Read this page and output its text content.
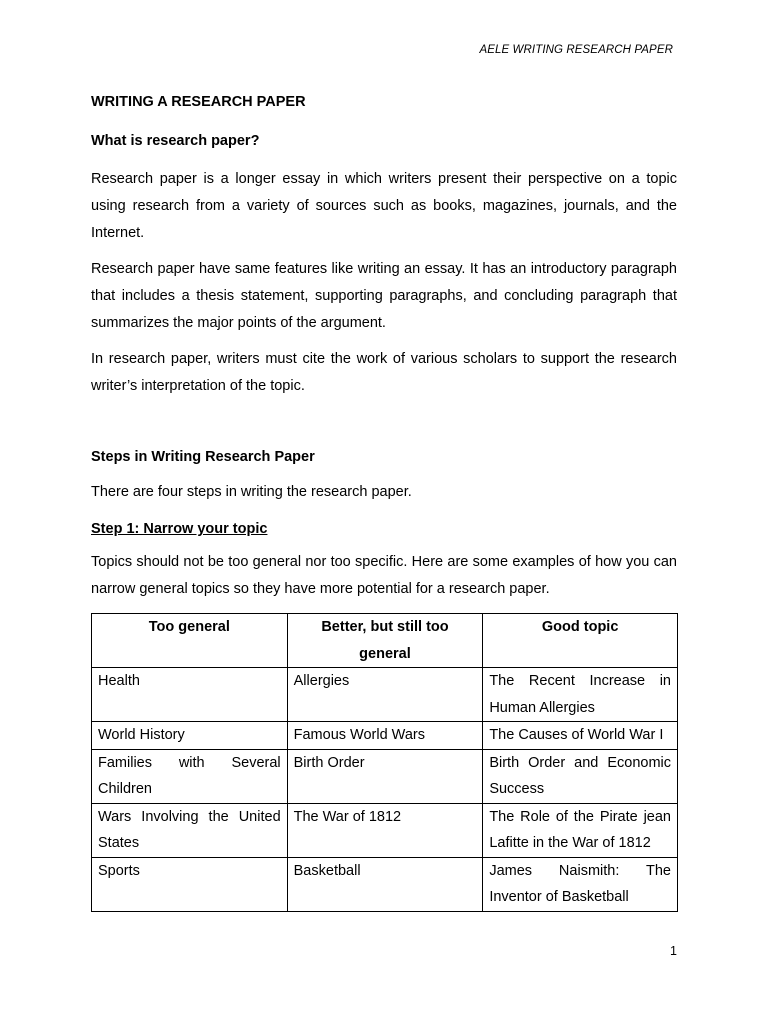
AELE WRITING RESEARCH PAPER
WRITING A RESEARCH PAPER
What is research paper?

Research paper is a longer essay in which writers present their perspective on a topic using research from a variety of sources such as books, magazines, journals, and the Internet.

Research paper have same features like writing an essay. It has an introductory paragraph that includes a thesis statement, supporting paragraphs, and concluding paragraph that summarizes the major points of the argument.

In research paper, writers must cite the work of various scholars to support the research writer’s interpretation of the topic.

Steps in Writing Research Paper
There are four steps in writing the research paper.
Step 1: Narrow your topic

Topics should not be too general nor too specific. Here are some examples of how you can narrow general topics so they have more potential for a research paper.

Too general	Better, but still too general	Good topic
Health	Allergies	The Recent Increase in Human Allergies
World History	Famous World Wars	The Causes of World War I
Families with Several Children	Birth Order	Birth Order and Economic Success
Wars Involving the United States	The War of 1812	The Role of the Pirate jean Lafitte in the War of 1812
Sports	Basketball	James Naismith: The Inventor of Basketball
1
